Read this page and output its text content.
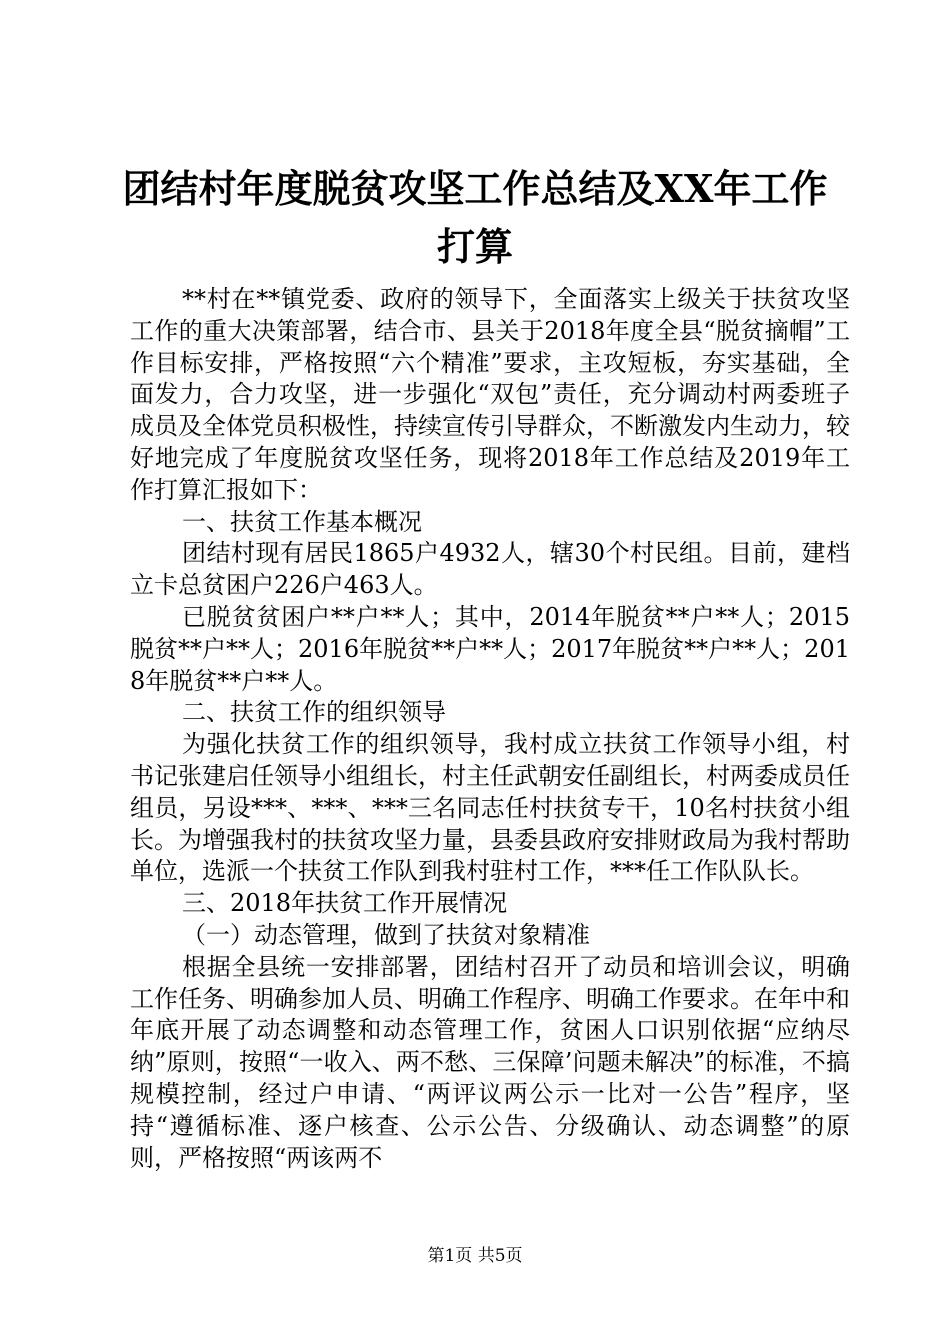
团结村年度脱贫攻坚工作总结及XX年工作打算

**村在**镇党委、政府的领导下，全面落实上级关于扶贫攻坚工作的重大决策部署，结合市、县关于2018年度全县“脱贫摘帽”工作目标安排，严格按照“六个精准”要求，主攻短板，夯实基础，全面发力，合力攻坚，进一步强化“双包”责任，充分调动村两委班子成员及全体党员积极性，持续宣传引导群众，不断激发内生动力，较好地完成了年度脱贫攻坚任务，现将2018年工作总结及2019年工作打算汇报如下：

一、扶贫工作基本概况

团结村现有居民1865户4932人，辖30个村民组。目前，建档立卡总贫困户226户463人。

已脱贫贫困户**户**人；其中，2014年脱贫**户**人；2015脱贫**户**人；2016年脱贫**户**人；2017年脱贫**户**人；2018年脱贫**户**人。

二、扶贫工作的组织领导

为强化扶贫工作的组织领导，我村成立扶贫工作领导小组，村书记张建启任领导小组组长，村主任武朝安任副组长，村两委成员任组员，另设***、***、***三名同志任村扶贫专干，10名村扶贫小组长。为增强我村的扶贫攻坚力量，县委县政府安排财政局为我村帮助单位，选派一个扶贫工作队到我村驻村工作，***任工作队队长。

三、2018年扶贫工作开展情况

（一）动态管理，做到了扶贫对象精准

根据全县统一安排部署，团结村召开了动员和培训会议，明确工作任务、明确参加人员、明确工作程序、明确工作要求。在年中和年底开展了动态调整和动态管理工作，贫困人口识别依据“应纳尽纳”原则，按照“一收入、两不愁、三保障’问题未解决”的标准，不搞规模控制，经过户申请、“两评议两公示一比对一公告”程序，坚持“遵循标准、逐户核查、公示公告、分级确认、动态调整”的原则，严格按照“两该两不

第1页 共5页
